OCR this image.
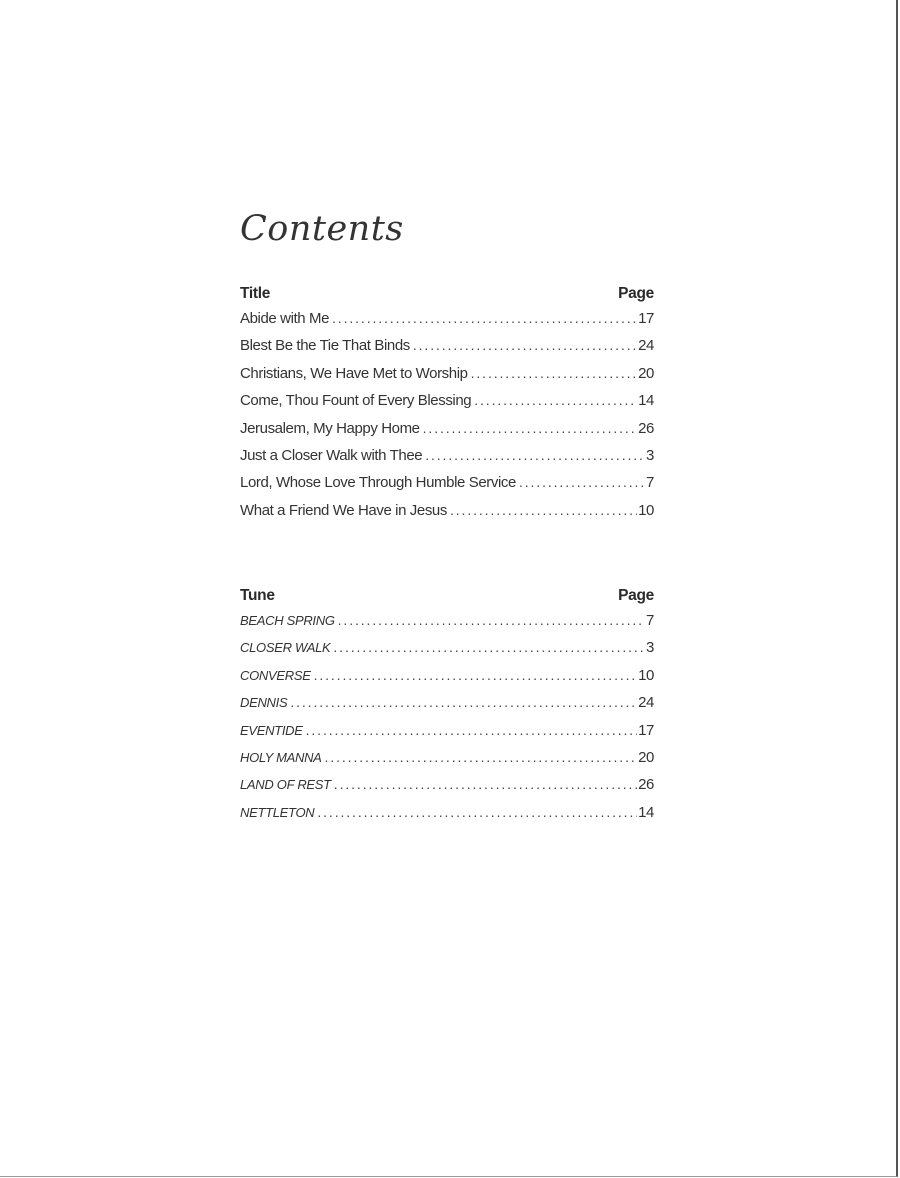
Contents
Title	Page
Abide with Me . . .	17
Blest Be the Tie That Binds . . .	24
Christians, We Have Met to Worship . . .	20
Come, Thou Fount of Every Blessing . . .	14
Jerusalem, My Happy Home . . .	26
Just a Closer Walk with Thee . . .	3
Lord, Whose Love Through Humble Service . . .	7
What a Friend We Have in Jesus . . .	10
Tune	Page
BEACH SPRING . . .	7
CLOSER WALK . . .	3
CONVERSE . . .	10
DENNIS . . .	24
EVENTIDE . . .	17
HOLY MANNA . . .	20
LAND OF REST . . .	26
NETTLETON . . .	14
